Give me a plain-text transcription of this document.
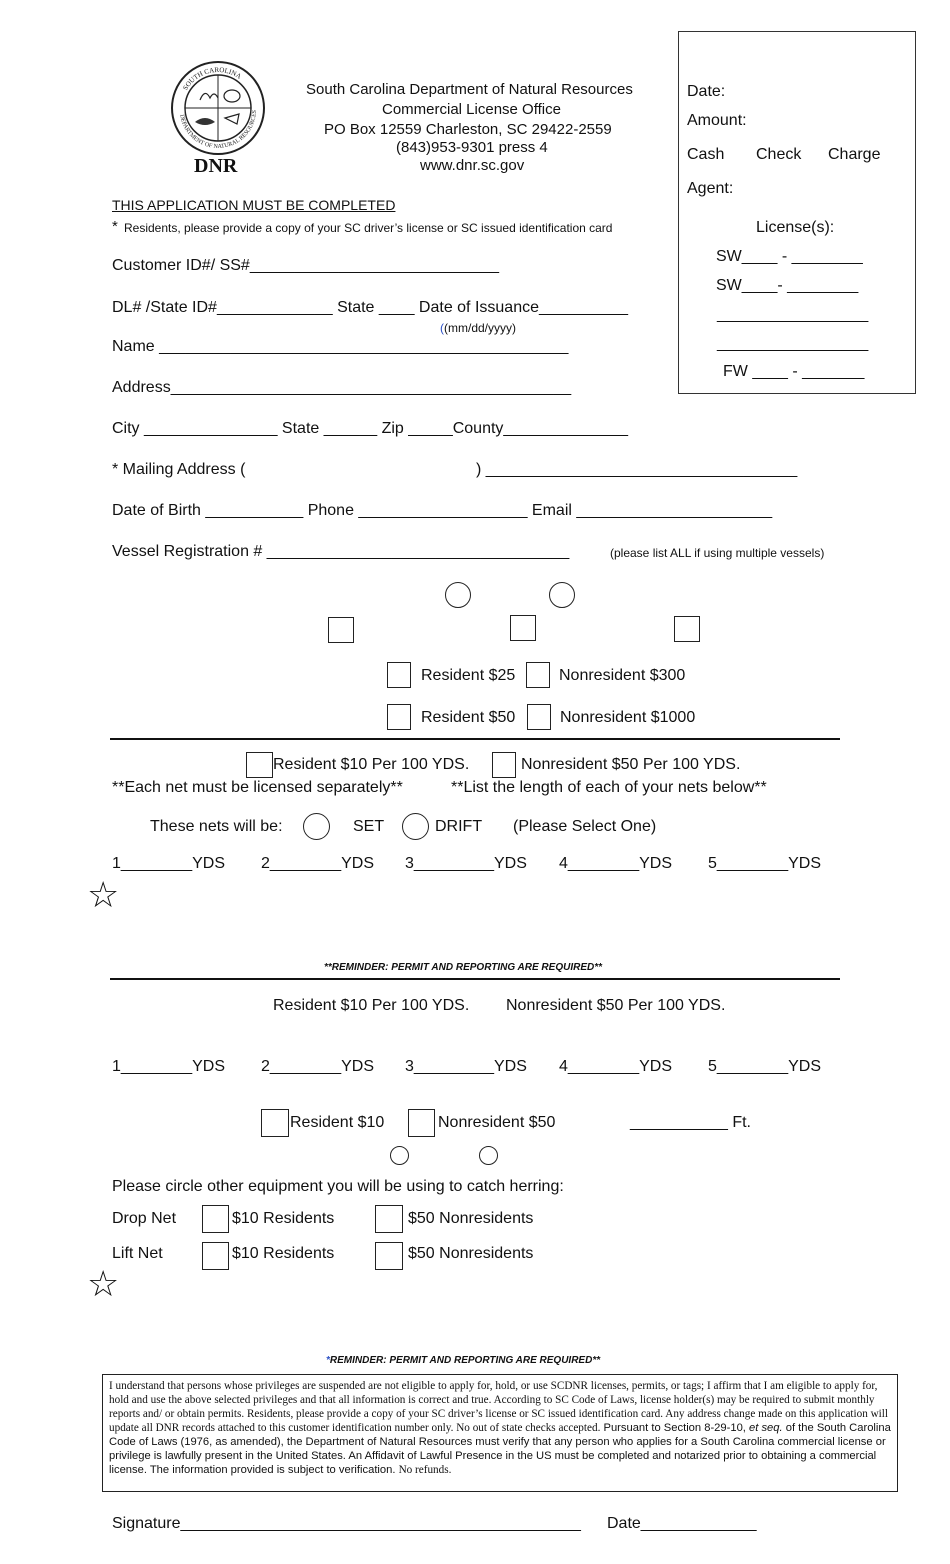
SOUTH CAROLINA
DEPARTMENT OF NATURAL RESOURCES
DNR
South Carolina Department of Natural Resources
Commercial License Office
PO Box 12559 Charleston, SC 29422-2559
(843)953-9301 press 4
www.dnr.sc.gov
Date:
Amount:
Cash Check Charge
Agent:
License(s):
SW____ - ________
SW____- ________
_________________
_________________
FW ____ - _______
THIS APPLICATION MUST BE COMPLETED
* Residents, please provide a copy of your SC driver’s license or SC issued identification card
Customer ID#/ SS#____________________________
DL# /State ID#_____________ State ____ Date of Issuance__________
((mm/dd/yyyy)
Name ______________________________________________
Address_____________________________________________
City _______________ State ______ Zip _____County______________
* Mailing Address (	) ___________________________________
Date of Birth ___________ Phone ___________________ Email ______________________
Vessel Registration # __________________________________	(please list ALL if using multiple vessels)
Resident $25	Nonresident $300
Resident $50	Nonresident $1000
Resident $10 Per 100 YDS.	Nonresident $50 Per 100 YDS.
**Each net must be licensed separately**	**List the length of each of your nets below**
These nets will be:	SET	DRIFT (Please Select One)
1________YDS 2________YDS 3_________YDS 4________YDS 5________YDS
☆
**REMINDER: PERMIT AND REPORTING ARE REQUIRED**
Resident $10 Per 100 YDS. Nonresident $50 Per 100 YDS.
1________YDS 2________YDS 3_________YDS 4________YDS 5________YDS
Resident $10	Nonresident $50	___________ Ft.
Please circle other equipment you will be using to catch herring:
Drop Net	$10 Residents	$50 Nonresidents
Lift Net	$10 Residents	$50 Nonresidents
☆
*REMINDER: PERMIT AND REPORTING ARE REQUIRED**
I understand that persons whose privileges are suspended are not eligible to apply for, hold, or use SCDNR licenses, permits, or tags; I affirm that I am eligible to apply for, hold and use the above selected privileges and that all information is correct and true. According to SC Code of Laws, license holder(s) may be required to submit monthly reports and/ or obtain permits. Residents, please provide a copy of your SC driver’s license or SC issued identification card. Any address change made on this application will update all DNR records attached to this customer identification number only. No out of state checks accepted. Pursuant to Section 8-29-10, et seq. of the South Carolina Code of Laws (1976, as amended), the Department of Natural Resources must verify that any person who applies for a South Carolina commercial license or privilege is lawfully present in the United States. An Affidavit of Lawful Presence in the US must be completed and notarized prior to obtaining a commercial license. The information provided is subject to verification. No refunds.
Signature_____________________________________________ Date_____________
